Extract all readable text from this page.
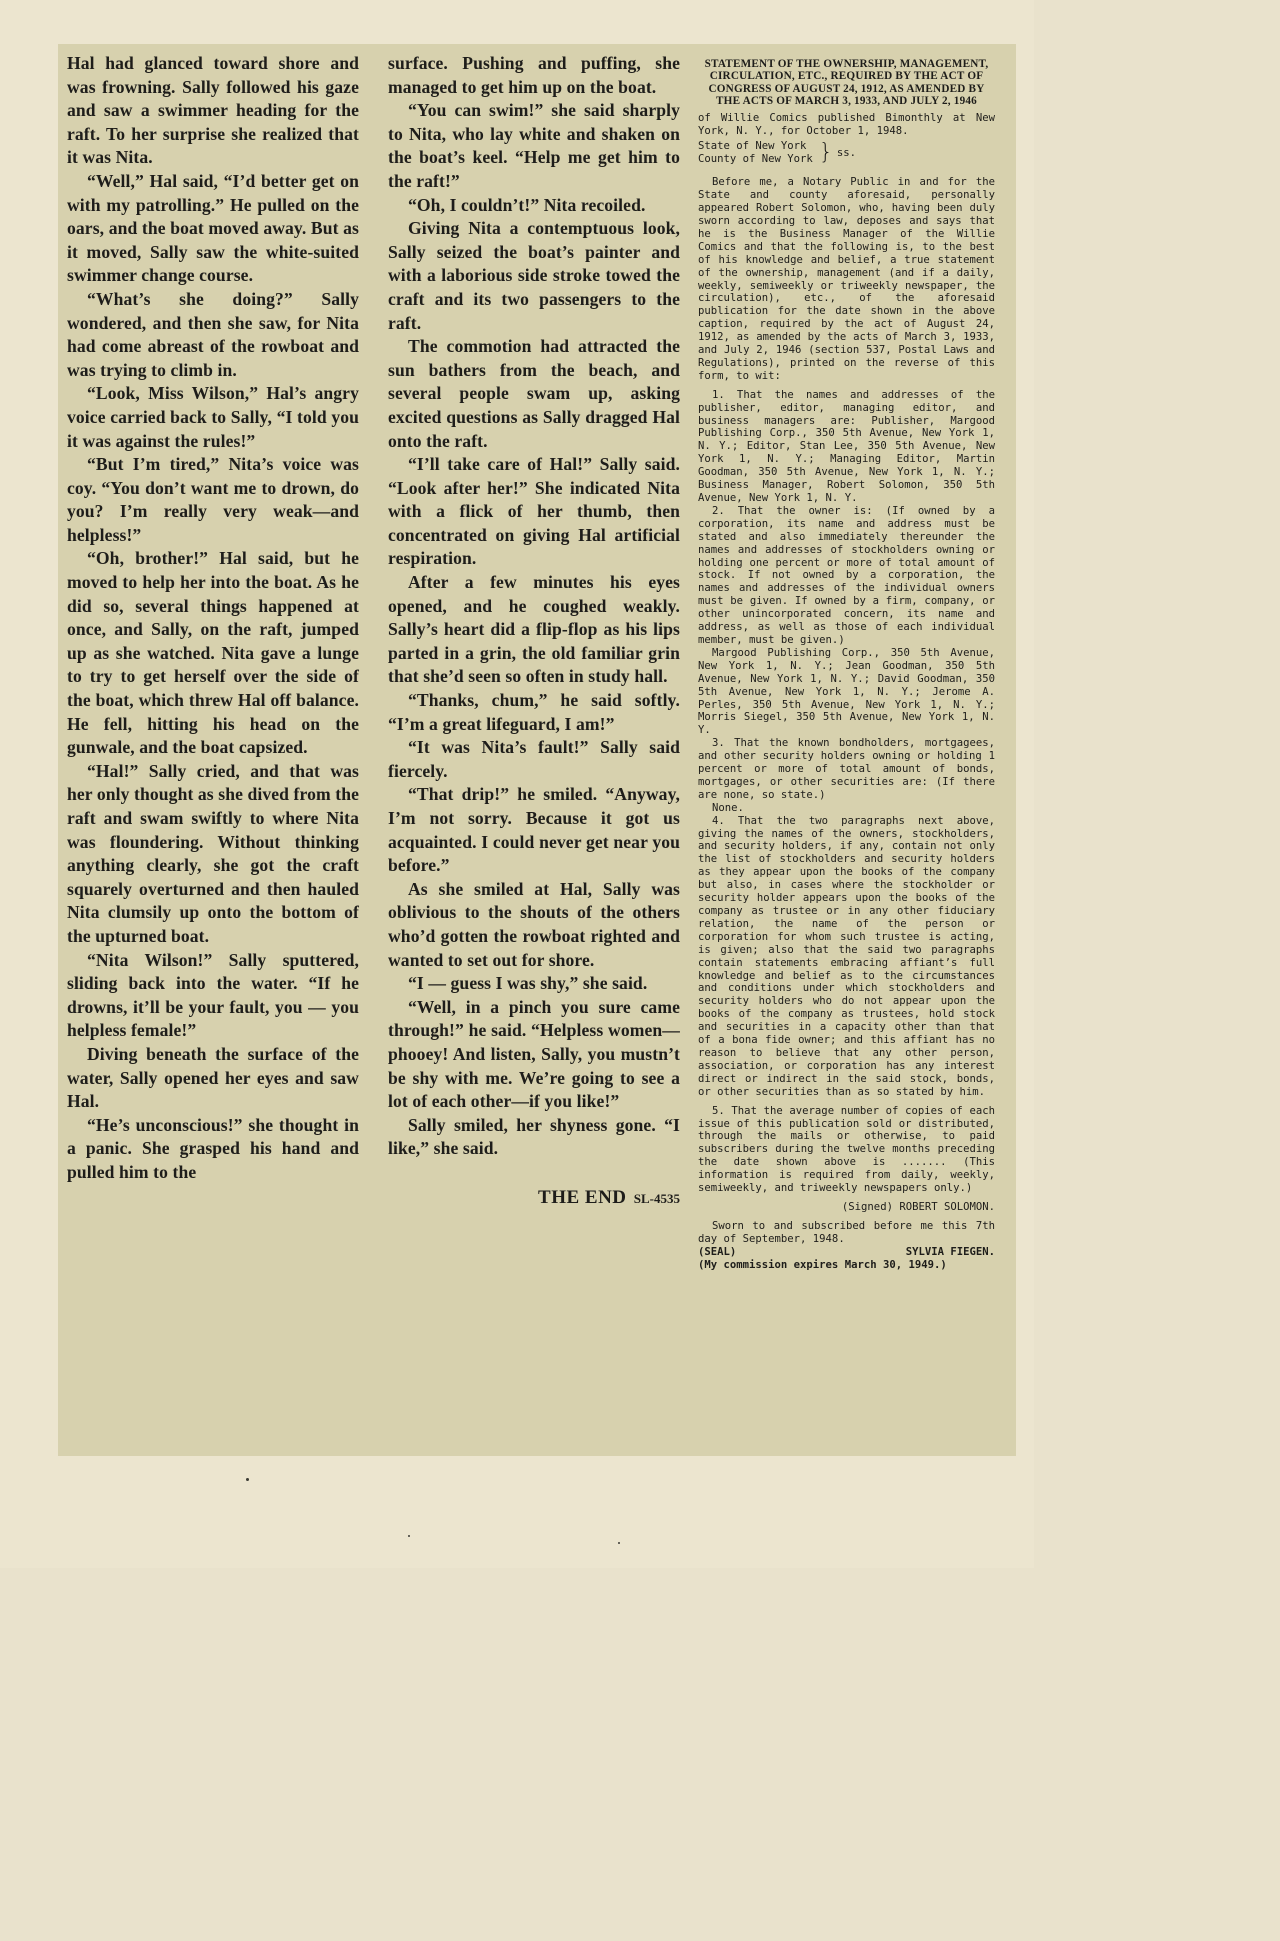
Hal had glanced toward shore and was frowning. Sally followed his gaze and saw a swimmer heading for the raft. To her surprise she realized that it was Nita.

“Well,” Hal said, “I’d better get on with my patrolling.” He pulled on the oars, and the boat moved away. But as it moved, Sally saw the white-suited swimmer change course.

“What’s she doing?” Sally wondered, and then she saw, for Nita had come abreast of the rowboat and was trying to climb in.

“Look, Miss Wilson,” Hal’s angry voice carried back to Sally, “I told you it was against the rules!”

“But I’m tired,” Nita’s voice was coy. “You don’t want me to drown, do you? I’m really very weak—and helpless!”

“Oh, brother!” Hal said, but he moved to help her into the boat. As he did so, several things happened at once, and Sally, on the raft, jumped up as she watched. Nita gave a lunge to try to get herself over the side of the boat, which threw Hal off balance. He fell, hitting his head on the gunwale, and the boat capsized.

“Hal!” Sally cried, and that was her only thought as she dived from the raft and swam swiftly to where Nita was floundering. Without thinking anything clearly, she got the craft squarely overturned and then hauled Nita clumsily up onto the bottom of the upturned boat.

“Nita Wilson!” Sally sputtered, sliding back into the water. “If he drowns, it’ll be your fault, you — you helpless female!”

Diving beneath the surface of the water, Sally opened her eyes and saw Hal.

“He’s unconscious!” she thought in a panic. She grasped his hand and pulled him to the

surface. Pushing and puffing, she managed to get him up on the boat.

“You can swim!” she said sharply to Nita, who lay white and shaken on the boat’s keel. “Help me get him to the raft!”

“Oh, I couldn’t!” Nita recoiled.

Giving Nita a contemptuous look, Sally seized the boat’s painter and with a laborious side stroke towed the craft and its two passengers to the raft.

The commotion had attracted the sun bathers from the beach, and several people swam up, asking excited questions as Sally dragged Hal onto the raft.

“I’ll take care of Hal!” Sally said. “Look after her!” She indicated Nita with a flick of her thumb, then concentrated on giving Hal artificial respiration.

After a few minutes his eyes opened, and he coughed weakly. Sally’s heart did a flip-flop as his lips parted in a grin, the old familiar grin that she’d seen so often in study hall.

“Thanks, chum,” he said softly. “I’m a great lifeguard, I am!”

“It was Nita’s fault!” Sally said fiercely.

“That drip!” he smiled. “Anyway, I’m not sorry. Because it got us acquainted. I could never get near you before.”

As she smiled at Hal, Sally was oblivious to the shouts of the others who’d gotten the rowboat righted and wanted to set out for shore.

“I — guess I was shy,” she said.

“Well, in a pinch you sure came through!” he said. “Helpless women—phooey! And listen, Sally, you mustn’t be shy with me. We’re going to see a lot of each other—if you like!”

Sally smiled, her shyness gone. “I like,” she said.

THE END SL-4535

STATEMENT OF THE OWNERSHIP, MANAGEMENT, CIRCULATION, ETC., REQUIRED BY THE ACT OF CONGRESS OF AUGUST 24, 1912, AS AMENDED BY THE ACTS OF MARCH 3, 1933, AND JULY 2, 1946

of Willie Comics published Bimonthly at New York, N. Y., for October 1, 1948.

State of New York

County of New York } ss.

Before me, a Notary Public in and for the State and county aforesaid, personally appeared Robert Solomon, who, having been duly sworn according to law, deposes and says that he is the Business Manager of the Willie Comics and that the following is, to the best of his knowledge and belief, a true statement of the ownership, management (and if a daily, weekly, semiweekly or triweekly newspaper, the circulation), etc., of the aforesaid publication for the date shown in the above caption, required by the act of August 24, 1912, as amended by the acts of March 3, 1933, and July 2, 1946 (section 537, Postal Laws and Regulations), printed on the reverse of this form, to wit:

1. That the names and addresses of the publisher, editor, managing editor, and business managers are: Publisher, Margood Publishing Corp., 350 5th Avenue, New York 1, N. Y.; Editor, Stan Lee, 350 5th Avenue, New York 1, N. Y.; Managing Editor, Martin Goodman, 350 5th Avenue, New York 1, N. Y.; Business Manager, Robert Solomon, 350 5th Avenue, New York 1, N. Y.

2. That the owner is: (If owned by a corporation, its name and address must be stated and also immediately thereunder the names and addresses of stockholders owning or holding one percent or more of total amount of stock. If not owned by a corporation, the names and addresses of the individual owners must be given. If owned by a firm, company, or other unincorporated concern, its name and address, as well as those of each individual member, must be given.)

Margood Publishing Corp., 350 5th Avenue, New York 1, N. Y.; Jean Goodman, 350 5th Avenue, New York 1, N. Y.; David Goodman, 350 5th Avenue, New York 1, N. Y.; Jerome A. Perles, 350 5th Avenue, New York 1, N. Y.; Morris Siegel, 350 5th Avenue, New York 1, N. Y.

3. That the known bondholders, mortgagees, and other security holders owning or holding 1 percent or more of total amount of bonds, mortgages, or other securities are: (If there are none, so state.)

None.

4. That the two paragraphs next above, giving the names of the owners, stockholders, and security holders, if any, contain not only the list of stockholders and security holders as they appear upon the books of the company but also, in cases where the stockholder or security holder appears upon the books of the company as trustee or in any other fiduciary relation, the name of the person or corporation for whom such trustee is acting, is given; also that the said two paragraphs contain statements embracing affiant’s full knowledge and belief as to the circumstances and conditions under which stockholders and security holders who do not appear upon the books of the company as trustees, hold stock and securities in a capacity other than that of a bona fide owner; and this affiant has no reason to believe that any other person, association, or corporation has any interest direct or indirect in the said stock, bonds, or other securities than as so stated by him.

5. That the average number of copies of each issue of this publication sold or distributed, through the mails or otherwise, to paid subscribers during the twelve months preceding the date shown above is ....... (This information is required from daily, weekly, semiweekly, and triweekly newspapers only.)

(Signed) ROBERT SOLOMON.

Sworn to and subscribed before me this 7th day of September, 1948.

(SEAL)	SYLVIA FIEGEN.

(My commission expires March 30, 1949.)
